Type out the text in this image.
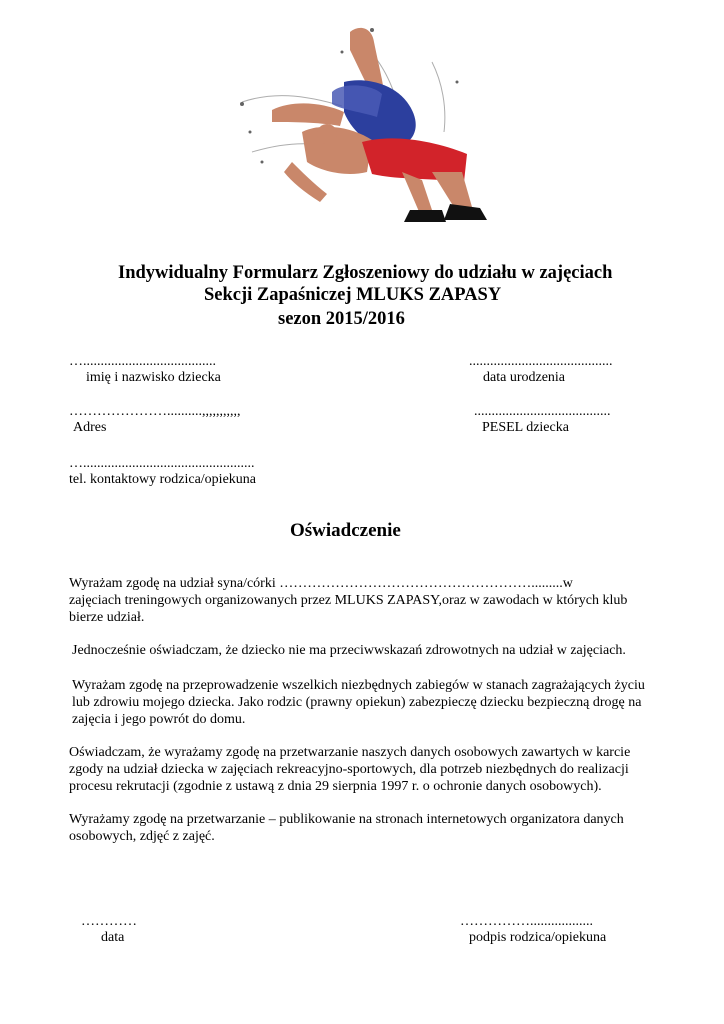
Indywidualny Formularz Zgłoszeniowy do udziału w zajęciach
Sekcji Zapaśniczej MLUKS ZAPASY
sezon 2015/2016
…......................................
imię i nazwisko dziecka
.........................................
data urodzenia
…………………..........,,,,,,,,,,,
Adres
.......................................
PESEL dziecka
….................................................
tel. kontaktowy rodzica/opiekuna
Oświadczenie
Wyrażam zgodę na udział syna/córki ……………………………………………….........w
zajęciach treningowych organizowanych przez MLUKS ZAPASY,oraz w zawodach w których klub bierze udział.
Jednocześnie oświadczam, że dziecko nie ma przeciwwskazań zdrowotnych na udział w zajęciach.
Wyrażam zgodę na przeprowadzenie wszelkich niezbędnych zabiegów w stanach zagrażających życiu lub zdrowiu mojego dziecka. Jako rodzic (prawny opiekun) zabezpieczę dziecku bezpieczną drogę na zajęcia i jego powrót do domu.
Oświadczam, że wyrażamy zgodę na przetwarzanie naszych danych osobowych zawartych w karcie zgody na udział dziecka w zajęciach rekreacyjno-sportowych, dla potrzeb niezbędnych do realizacji procesu rekrutacji (zgodnie z ustawą z dnia 29 sierpnia 1997 r. o ochronie danych osobowych).
Wyrażamy zgodę na przetwarzanie – publikowanie na stronach internetowych organizatora danych osobowych, zdjęć z zajęć.
…………
data
……………..................
podpis rodzica/opiekuna
